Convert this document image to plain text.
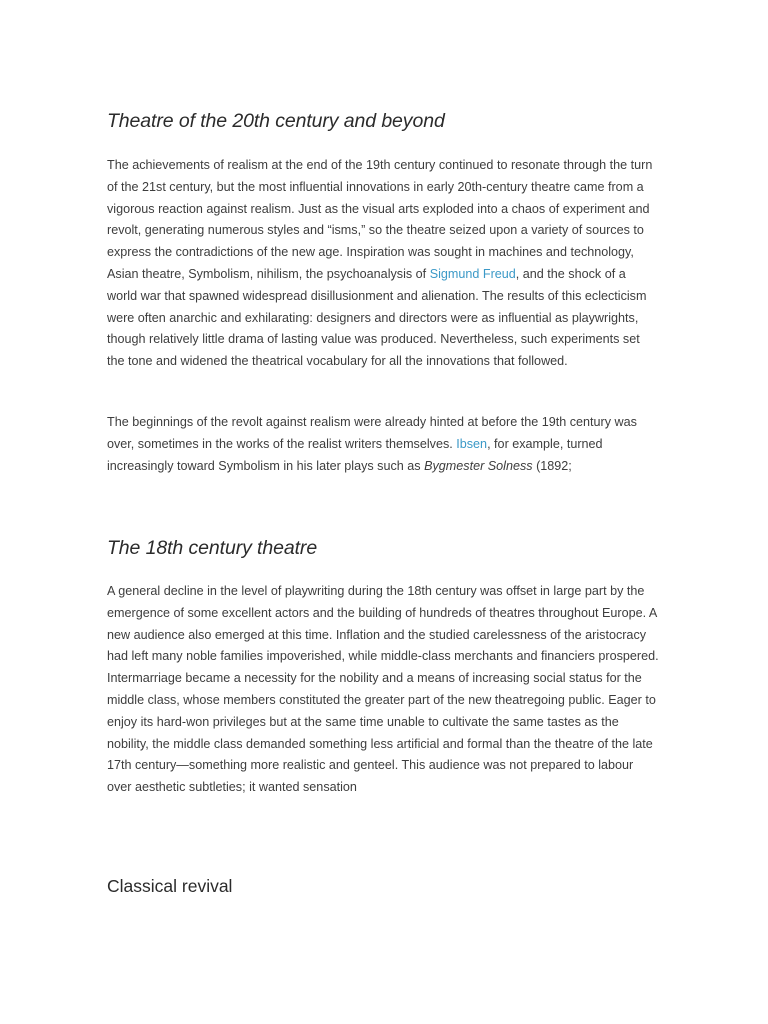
Theatre of the 20th century and beyond

The achievements of realism at the end of the 19th century continued to resonate through the turn of the 21st century, but the most influential innovations in early 20th-century theatre came from a vigorous reaction against realism. Just as the visual arts exploded into a chaos of experiment and revolt, generating numerous styles and “isms,” so the theatre seized upon a variety of sources to express the contradictions of the new age. Inspiration was sought in machines and technology, Asian theatre, Symbolism, nihilism, the psychoanalysis of Sigmund Freud, and the shock of a world war that spawned widespread disillusionment and alienation. The results of this eclecticism were often anarchic and exhilarating: designers and directors were as influential as playwrights, though relatively little drama of lasting value was produced. Nevertheless, such experiments set the tone and widened the theatrical vocabulary for all the innovations that followed.

The beginnings of the revolt against realism were already hinted at before the 19th century was over, sometimes in the works of the realist writers themselves. Ibsen, for example, turned increasingly toward Symbolism in his later plays such as Bygmester Solness (1892;

The 18th century theatre

A general decline in the level of playwriting during the 18th century was offset in large part by the emergence of some excellent actors and the building of hundreds of theatres throughout Europe. A new audience also emerged at this time. Inflation and the studied carelessness of the aristocracy had left many noble families impoverished, while middle-class merchants and financiers prospered. Intermarriage became a necessity for the nobility and a means of increasing social status for the middle class, whose members constituted the greater part of the new theatregoing public. Eager to enjoy its hard-won privileges but at the same time unable to cultivate the same tastes as the nobility, the middle class demanded something less artificial and formal than the theatre of the late 17th century—something more realistic and genteel. This audience was not prepared to labour over aesthetic subtleties; it wanted sensation

Classical revival
